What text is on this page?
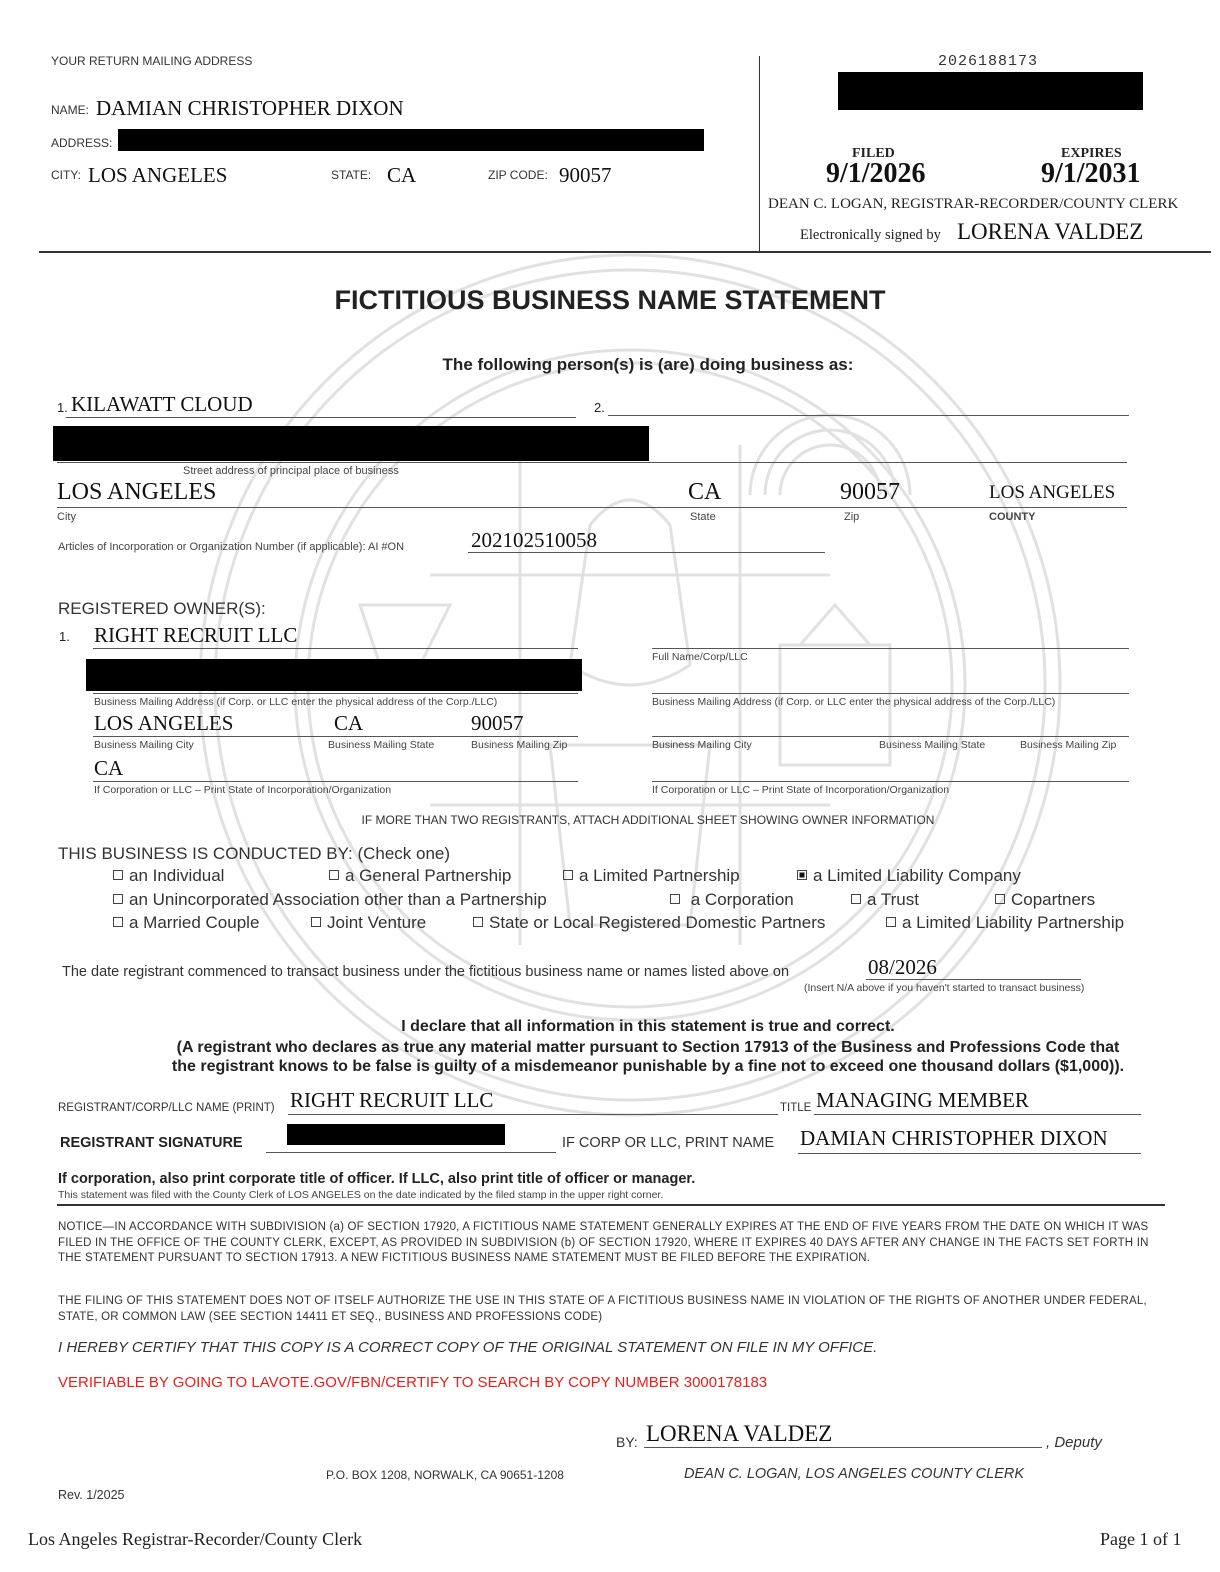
YOUR RETURN MAILING ADDRESS
NAME: DAMIAN CHRISTOPHER DIXON
ADDRESS:
CITY: LOS ANGELES	STATE: CA	ZIP CODE: 90057
2026188173
FILED
9/1/2026
EXPIRES
9/1/2031
DEAN C. LOGAN, REGISTRAR-RECORDER/COUNTY CLERK
Electronically signed by LORENA VALDEZ
FICTITIOUS BUSINESS NAME STATEMENT
The following person(s) is (are) doing business as:
1. KILAWATT CLOUD	2.
Street address of principal place of business
LOS ANGELES	CA	90057	LOS ANGELES
City	State	Zip	COUNTY
Articles of Incorporation or Organization Number (if applicable): AI #ON	202102510058
REGISTERED OWNER(S):
1. RIGHT RECRUIT LLC
Full Name/Corp/LLC
Business Mailing Address (if Corp. or LLC enter the physical address of the Corp./LLC)	Business Mailing Address (if Corp. or LLC enter the physical address of the Corp./LLC)
LOS ANGELES	CA	90057
Business Mailing City	Business Mailing State	Business Mailing Zip	Business Mailing City	Business Mailing State	Business Mailing Zip
CA
If Corporation or LLC – Print State of Incorporation/Organization	If Corporation or LLC – Print State of Incorporation/Organization
IF MORE THAN TWO REGISTRANTS, ATTACH ADDITIONAL SHEET SHOWING OWNER INFORMATION
THIS BUSINESS IS CONDUCTED BY: (Check one)
an Individual	a General Partnership	a Limited Partnership	a Limited Liability Company
an Unincorporated Association other than a Partnership	a Corporation	a Trust	Copartners
a Married Couple	Joint Venture	State or Local Registered Domestic Partners	a Limited Liability Partnership
The date registrant commenced to transact business under the fictitious business name or names listed above on	08/2026
(Insert N/A above if you haven't started to transact business)
I declare that all information in this statement is true and correct.
(A registrant who declares as true any material matter pursuant to Section 17913 of the Business and Professions Code that
the registrant knows to be false is guilty of a misdemeanor punishable by a fine not to exceed one thousand dollars ($1,000)).
REGISTRANT/CORP/LLC NAME (PRINT) RIGHT RECRUIT LLC	TITLE MANAGING MEMBER
REGISTRANT SIGNATURE	IF CORP OR LLC, PRINT NAME DAMIAN CHRISTOPHER DIXON
If corporation, also print corporate title of officer. If LLC, also print title of officer or manager.
This statement was filed with the County Clerk of LOS ANGELES on the date indicated by the filed stamp in the upper right corner.
NOTICE—IN ACCORDANCE WITH SUBDIVISION (a) OF SECTION 17920, A FICTITIOUS NAME STATEMENT GENERALLY EXPIRES AT THE END OF FIVE YEARS FROM THE DATE ON WHICH IT WAS FILED IN THE OFFICE OF THE COUNTY CLERK, EXCEPT, AS PROVIDED IN SUBDIVISION (b) OF SECTION 17920, WHERE IT EXPIRES 40 DAYS AFTER ANY CHANGE IN THE FACTS SET FORTH IN THE STATEMENT PURSUANT TO SECTION 17913. A NEW FICTITIOUS BUSINESS NAME STATEMENT MUST BE FILED BEFORE THE EXPIRATION.
THE FILING OF THIS STATEMENT DOES NOT OF ITSELF AUTHORIZE THE USE IN THIS STATE OF A FICTITIOUS BUSINESS NAME IN VIOLATION OF THE RIGHTS OF ANOTHER UNDER FEDERAL, STATE, OR COMMON LAW (SEE SECTION 14411 ET SEQ., BUSINESS AND PROFESSIONS CODE)
I HEREBY CERTIFY THAT THIS COPY IS A CORRECT COPY OF THE ORIGINAL STATEMENT ON FILE IN MY OFFICE.
VERIFIABLE BY GOING TO LAVOTE.GOV/FBN/CERTIFY TO SEARCH BY COPY NUMBER 3000178183
BY: LORENA VALDEZ	, Deputy
P.O. BOX 1208, NORWALK, CA 90651-1208	DEAN C. LOGAN, LOS ANGELES COUNTY CLERK
Rev. 1/2025
Los Angeles Registrar-Recorder/County Clerk	Page 1 of 1
